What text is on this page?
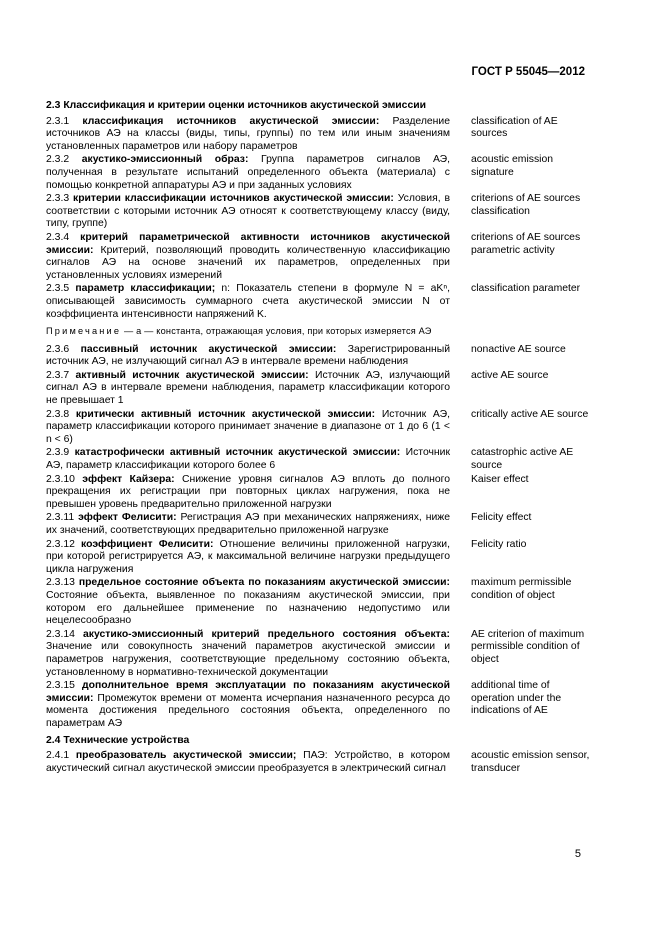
ГОСТ Р 55045—2012
2.3 Классификация и критерии оценки источников акустической эмиссии
2.3.1 классификация источников акустической эмиссии: Разделение источников АЭ на классы (виды, типы, группы) по тем или иным значениям установленных параметров или набору параметров
classification of AE sources
2.3.2 акустико-эмиссионный образ: Группа параметров сигналов АЭ, полученная в результате испытаний определенного объекта (материала) с помощью конкретной аппаратуры АЭ и при заданных условиях
acoustic emission signature
2.3.3 критерии классификации источников акустической эмиссии: Условия, в соответствии с которыми источник АЭ относят к соответствующему классу (виду, типу, группе)
criterions of AE sources classification
2.3.4 критерий параметрической активности источников акустической эмиссии: Критерий, позволяющий проводить количественную классификацию сигналов АЭ на основе значений их параметров, определенных при установленных условиях измерений
criterions of AE sources parametric activity
2.3.5 параметр классификации; n: Показатель степени в формуле N = aKⁿ, описывающей зависимость суммарного счета акустической эмиссии N от коэффициента интенсивности напряжений K.
classification parameter
Примечание — а — константа, отражающая условия, при которых измеряется АЭ
2.3.6 пассивный источник акустической эмиссии: Зарегистрированный источник АЭ, не излучающий сигнал АЭ в интервале времени наблюдения
nonactive AE source
2.3.7 активный источник акустической эмиссии: Источник АЭ, излучающий сигнал АЭ в интервале времени наблюдения, параметр классификации которого не превышает 1
active AE source
2.3.8 критически активный источник акустической эмиссии: Источник АЭ, параметр классификации которого принимает значение в диапазоне от 1 до 6 (1 < n < 6)
critically active AE source
2.3.9 катастрофически активный источник акустической эмиссии: Источник АЭ, параметр классификации которого более 6
catastrophic active AE source
2.3.10 эффект Кайзера: Снижение уровня сигналов АЭ вплоть до полного прекращения их регистрации при повторных циклах нагружения, пока не превышен уровень предварительно приложенной нагрузки
Kaiser effect
2.3.11 эффект Фелисити: Регистрация АЭ при механических напряжениях, ниже их значений, соответствующих предварительно приложенной нагрузке
Felicity effect
2.3.12 коэффициент Фелисити: Отношение величины приложенной нагрузки, при которой регистрируется АЭ, к максимальной величине нагрузки предыдущего цикла нагружения
Felicity ratio
2.3.13 предельное состояние объекта по показаниям акустической эмиссии: Состояние объекта, выявленное по показаниям акустической эмиссии, при котором его дальнейшее применение по назначению недопустимо или нецелесообразно
maximum permissible condition of object
2.3.14 акустико-эмиссионный критерий предельного состояния объекта: Значение или совокупность значений параметров акустической эмиссии и параметров нагружения, соответствующие предельному состоянию объекта, установленному в нормативно-технической документации
AE criterion of maximum permissible condition of object
2.3.15 дополнительное время эксплуатации по показаниям акустической эмиссии: Промежуток времени от момента исчерпания назначенного ресурса до момента достижения предельного состояния объекта, определенного по параметрам АЭ
additional time of operation under the indications of AE
2.4 Технические устройства
2.4.1 преобразователь акустической эмиссии; ПАЭ: Устройство, в котором акустический сигнал акустической эмиссии преобразуется в электрический сигнал
acoustic emission sensor, transducer
5
